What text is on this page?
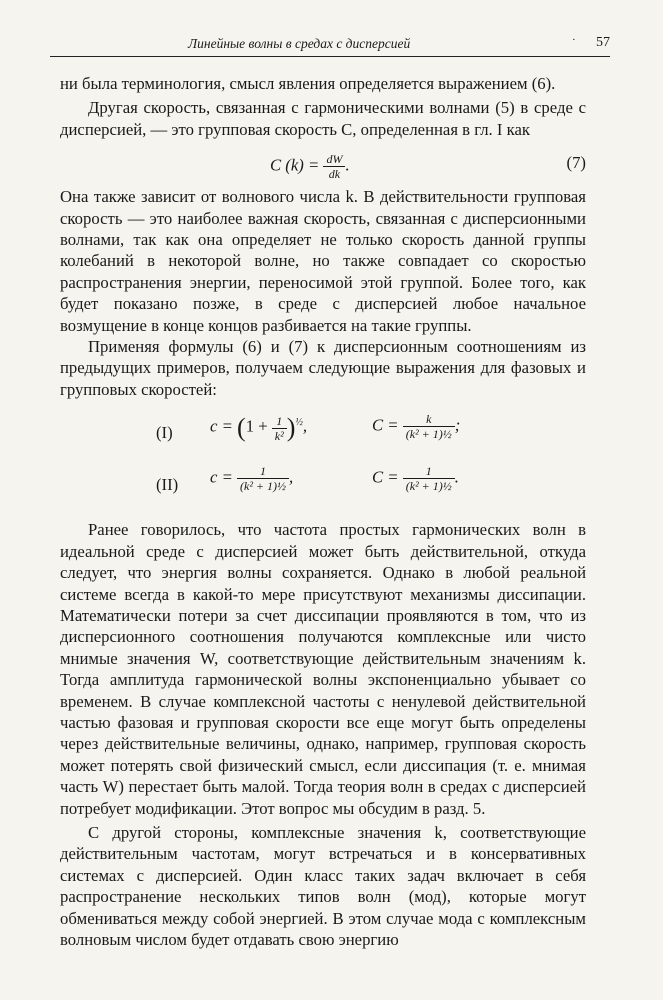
Линейные волны в средах с дисперсией	· 57

ни была терминология, смысл явления определяется выражением (6).

Другая скорость, связанная с гармоническими волнами (5) в среде с дисперсией, — это групповая скорость C, определенная в гл. I как

C $(k) = \frac{dW}{dk}$ .	(7)

Она также зависит от волнового числа k. В действительности групповая скорость — это наиболее важная скорость, связанная с дисперсионными волнами, так как она определяет не только скорость данной группы колебаний в некоторой волне, но также совпадает со скоростью распространения энергии, переносимой этой группой. Более того, как будет показано позже, в среде с дисперсией любое начальное возмущение в конце концов разбивается на такие группы.

Применяя формулы (6) и (7) к дисперсионным соотношениям из предыдущих примеров, получаем следующие выражения для фазовых и групповых скоростей:

(I) $c = (1 + \frac{1}{\text{k²}} )^{\frac{1}{2}}$,	$C = \frac{k}{\text{(k² + 1)½}}$ ;
(II) $c = \frac{1}{\text{(k² + 1)½}}$ ,	$C = \frac{1}{\text{(k² + 1)½}}$ .

Ранее говорилось, что частота простых гармонических волн в идеальной среде с дисперсией может быть действительной, откуда следует, что энергия волны сохраняется. Однако в любой реальной системе всегда в какой-то мере присутствуют механизмы диссипации. Математически потери за счет диссипации проявляются в том, что из дисперсионного соотношения получаются комплексные или чисто мнимые значения W, соответствующие действительным значениям k. Тогда амплитуда гармонической волны экспоненциально убывает со временем. В случае комплексной частоты с ненулевой действительной частью фазовая и групповая скорости все еще могут быть определены через действительные величины, однако, например, групповая скорость может потерять свой физический смысл, если диссипация (т. е. мнимая часть W) перестает быть малой. Тогда теория волн в средах с дисперсией потребует модификации. Этот вопрос мы обсудим в разд. 5.

С другой стороны, комплексные значения k, соответствующие действительным частотам, могут встречаться и в консервативных системах с дисперсией. Один класс таких задач включает в себя распространение нескольких типов волн (мод), которые могут обмениваться между собой энергией. В этом случае мода с комплексным волновым числом будет отдавать свою энергию
